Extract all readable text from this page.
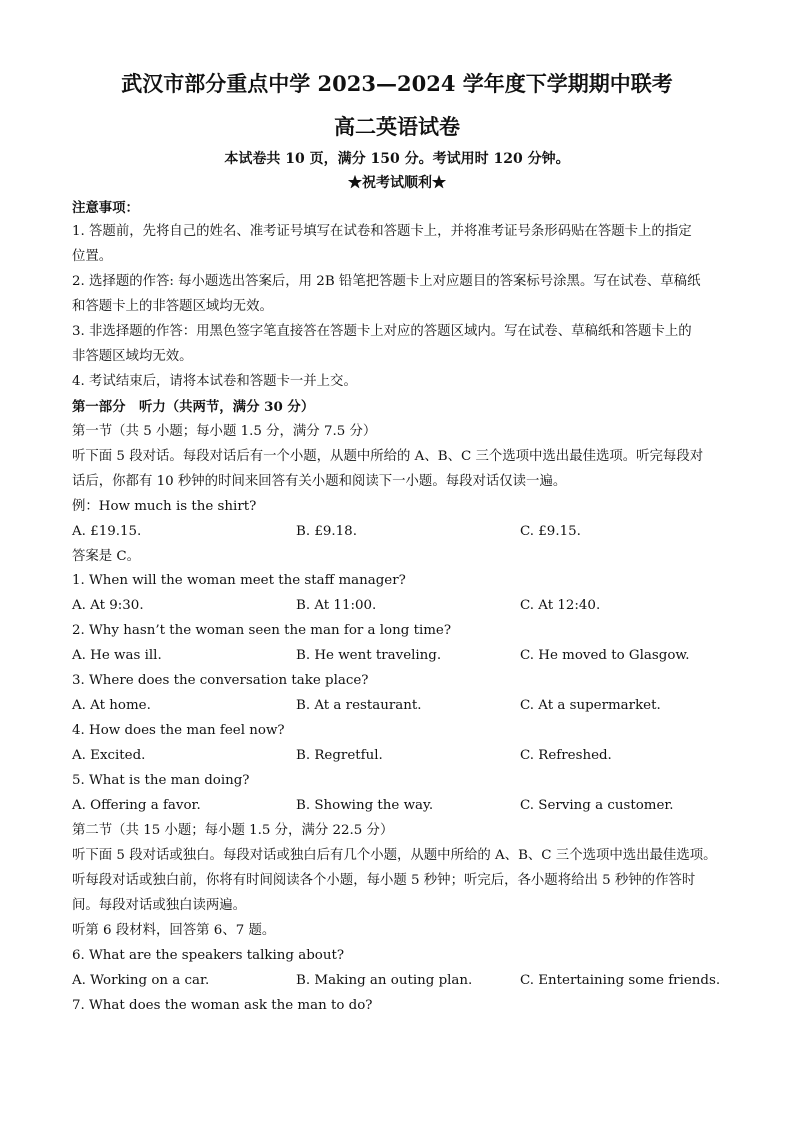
武汉市部分重点中学 2023—2024 学年度下学期期中联考
高二英语试卷
本试卷共 10 页，满分 150 分。考试用时 120 分钟。
★祝考试顺利★
注意事项：
1. 答题前，先将自己的姓名、准考证号填写在试卷和答题卡上，并将准考证号条形码贴在答题卡上的指定
位置。
2. 选择题的作答: 每小题选出答案后，用 2B 铅笔把答题卡上对应题目的答案标号涂黑。写在试卷、草稿纸
和答题卡上的非答题区域均无效。
3. 非选择题的作答：用黑色签字笔直接答在答题卡上对应的答题区域内。写在试卷、草稿纸和答题卡上的
非答题区域均无效。
4. 考试结束后，请将本试卷和答题卡一并上交。
第一部分　听力（共两节，满分 30 分）
第一节（共 5 小题；每小题 1.5 分，满分 7.5 分）
听下面 5 段对话。每段对话后有一个小题，从题中所给的 A、B、C 三个选项中选出最佳选项。听完每段对
话后，你都有 10 秒钟的时间来回答有关小题和阅读下一小题。每段对话仅读一遍。
例：How much is the shirt?
A. £19.15.	B. £9.18.	C. £9.15.
答案是 C。
1. When will the woman meet the staff manager?
A. At 9:30.	B. At 11:00.	C. At 12:40.
2. Why hasn’t the woman seen the man for a long time?
A. He was ill.	B. He went traveling.	C. He moved to Glasgow.
3. Where does the conversation take place?
A. At home.	B. At a restaurant.	C. At a supermarket.
4. How does the man feel now?
A. Excited.	B. Regretful.	C. Refreshed.
5. What is the man doing?
A. Offering a favor.	B. Showing the way.	C. Serving a customer.
第二节（共 15 小题；每小题 1.5 分，满分 22.5 分）
听下面 5 段对话或独白。每段对话或独白后有几个小题，从题中所给的 A、B、C 三个选项中选出最佳选项。
听每段对话或独白前，你将有时间阅读各个小题，每小题 5 秒钟；听完后，各小题将给出 5 秒钟的作答时
间。每段对话或独白读两遍。
听第 6 段材料，回答第 6、7 题。
6. What are the speakers talking about?
A. Working on a car.	B. Making an outing plan.	C. Entertaining some friends.
7. What does the woman ask the man to do?
